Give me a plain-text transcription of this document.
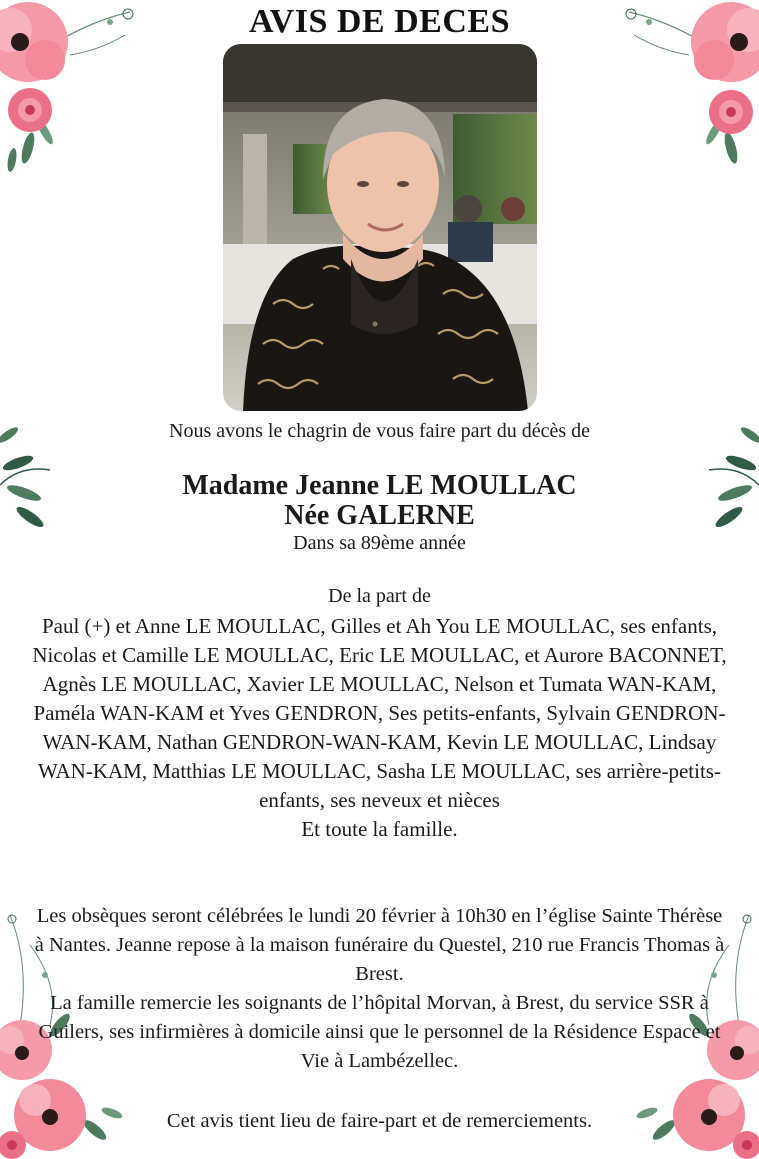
AVIS DE DECES
Nous avons le chagrin de vous faire part du décès de
Madame Jeanne LE MOULLAC
Née GALERNE
Dans sa 89ème année
De la part de
Paul (+) et Anne LE MOULLAC, Gilles et Ah You LE MOULLAC, ses enfants, Nicolas et Camille LE MOULLAC, Eric LE MOULLAC, et Aurore BACONNET, Agnès LE MOULLAC, Xavier LE MOULLAC, Nelson et Tumata WAN-KAM, Paméla WAN-KAM et Yves GENDRON, Ses petits-enfants, Sylvain GENDRON-WAN-KAM, Nathan GENDRON-WAN-KAM, Kevin LE MOULLAC, Lindsay WAN-KAM, Matthias LE MOULLAC, Sasha LE MOULLAC, ses arrière-petits-enfants, ses neveux et nièces
Et toute la famille.
Les obsèques seront célébrées le lundi 20 février à 10h30 en l’église Sainte Thérèse à Nantes. Jeanne repose à la maison funéraire du Questel, 210 rue Francis Thomas à Brest.
La famille remercie les soignants de l’hôpital Morvan, à Brest, du service SSR à Guilers, ses infirmières à domicile ainsi que le personnel de la Résidence Espace et Vie à Lambézellec.
Cet avis tient lieu de faire-part et de remerciements.
